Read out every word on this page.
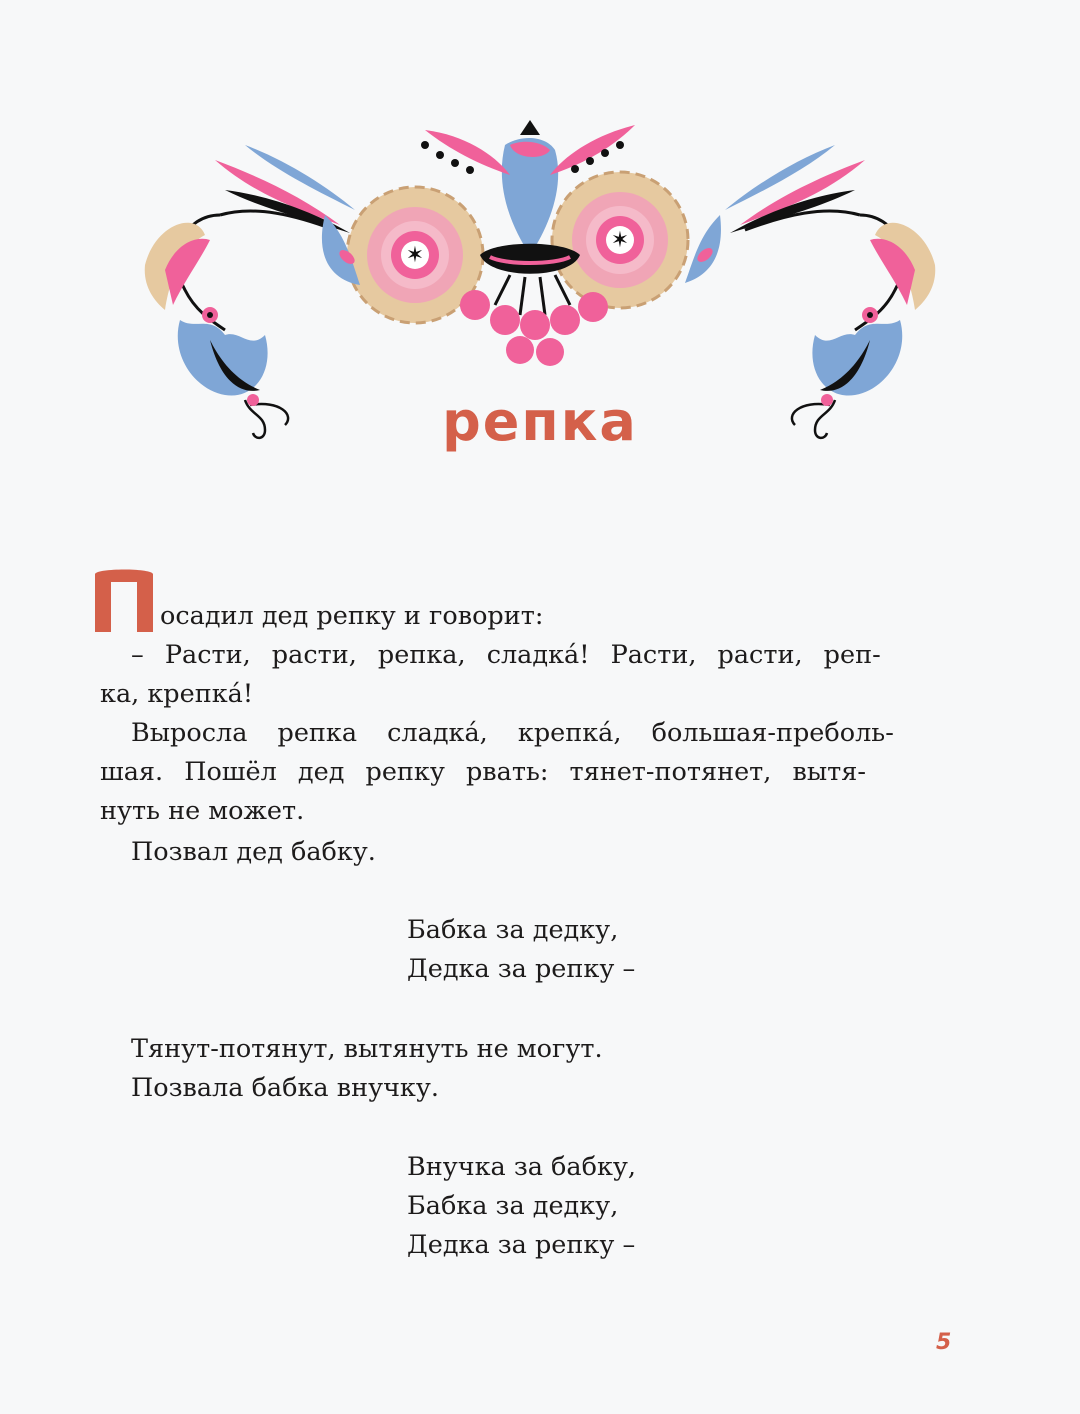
✶
✶
репка
осадил дед репку и говорит:
– Расти, расти, репка, сладка́! Расти, расти, реп-
ка, крепка́!
Выросла репка сладка́, крепка́, большая-преболь-
шая. Пошёл дед репку рвать: тянет-потянет, вытя-
нуть не может.
Позвал дед бабку.
Бабка за дедку,
Дедка за репку –
Тянут-потянут, вытянуть не могут.
Позвала бабка внучку.
Внучка за бабку,
Бабка за дедку,
Дедка за репку –
5
